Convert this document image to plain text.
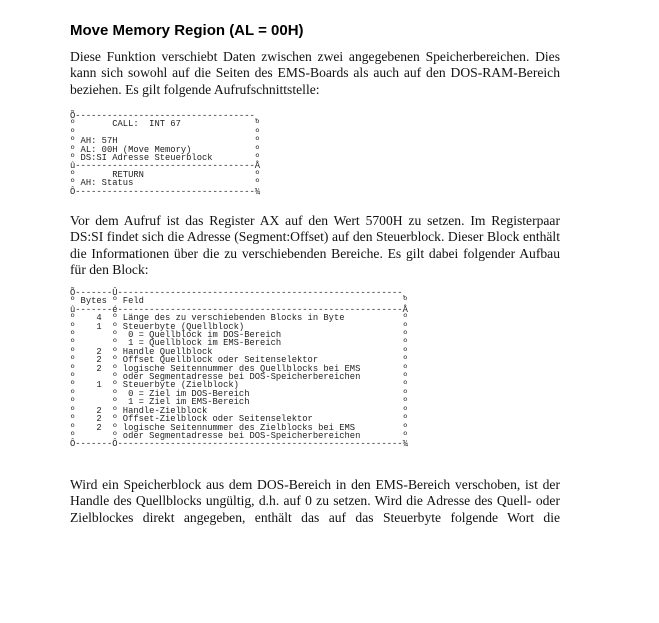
Move Memory Region (AL = 00H)

Diese Funktion verschiebt Daten zwischen zwei angegebenen Speicherbereichen. Dies kann sich sowohl auf die Seiten des EMS-Boards als auch auf den DOS-RAM-Bereich beziehen. Es gilt folgende Aufrufschnittstelle:

Õ----------------------------------¸
º       CALL:  INT 67              º
º                                  º
º AH: 57H                          º
º AL: 00H (Move Memory)            º
º DS:SI Adresse Steuerblock        º
û----------------------------------Å
º       RETURN                     º
º AH: Status                       º
Ô----------------------------------¾

Vor dem Aufruf ist das Register AX auf den Wert 5700H zu setzen. Im Registerpaar DS:SI findet sich die Adresse (Segment:Offset) auf den Steuerblock. Dieser Block enthält die Informationen über die zu verschiebenden Bereiche. Es gilt dabei folgender Aufbau für den Block:

Õ-------Û------------------------------------------------------¸
º Bytes º Feld                                                 º
û-------é------------------------------------------------------Å
º    4  º Länge des zu verschiebenden Blocks in Byte           º
º    1  º Steuerbyte (Quellblock)                              º
º       º  0 = Quellblock im DOS-Bereich                       º
º       º  1 = Quellblock im EMS-Bereich                       º
º    2  º Handle Quellblock                                    º
º    2  º Offset Quellblock oder Seitenselektor                º
º    2  º logische Seitennummer des Quellblocks bei EMS        º
º       º oder Segmentadresse bei DOS-Speicherbereichen        º
º    1  º Steuerbyte (Zielblock)                               º
º       º  0 = Ziel im DOS-Bereich                             º
º       º  1 = Ziel im EMS-Bereich                             º
º    2  º Handle-Zielblock                                     º
º    2  º Offset-Zielblock oder Seitenselektor                 º
º    2  º logische Seitennummer des Zielblocks bei EMS         º
º       º oder Segmentadresse bei DOS-Speicherbereichen        º
Ô-------Ô------------------------------------------------------¾

Wird ein Speicherblock aus dem DOS-Bereich in den EMS-Bereich verschoben, ist der Handle des Quellblocks ungültig, d.h. auf 0 zu setzen. Wird die Adresse des Quell- oder Zielblockes direkt angegeben, enthält das auf das Steuerbyte folgende Wort die
